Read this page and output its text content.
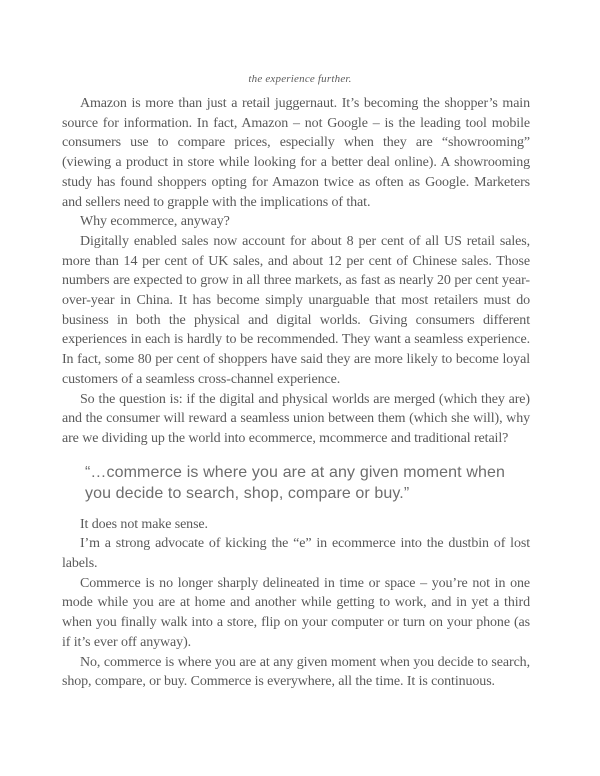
the experience further.

Amazon is more than just a retail juggernaut. It’s becoming the shopper’s main source for information. In fact, Amazon – not Google – is the leading tool mobile consumers use to compare prices, especially when they are “showrooming” (viewing a product in store while looking for a better deal online). A showrooming study has found shoppers opting for Amazon twice as often as Google. Marketers and sellers need to grapple with the implications of that.

Why ecommerce, anyway?

Digitally enabled sales now account for about 8 per cent of all US retail sales, more than 14 per cent of UK sales, and about 12 per cent of Chinese sales. Those numbers are expected to grow in all three markets, as fast as nearly 20 per cent year-over-year in China. It has become simply unarguable that most retailers must do business in both the physical and digital worlds. Giving consumers different experiences in each is hardly to be recommended. They want a seamless experience. In fact, some 80 per cent of shoppers have said they are more likely to become loyal customers of a seamless cross-channel experience.

So the question is: if the digital and physical worlds are merged (which they are) and the consumer will reward a seamless union between them (which she will), why are we dividing up the world into ecommerce, mcommerce and traditional retail?

“…commerce is where you are at any given moment when you decide to search, shop, compare or buy.”

It does not make sense.

I’m a strong advocate of kicking the “e” in ecommerce into the dustbin of lost labels.

Commerce is no longer sharply delineated in time or space – you’re not in one mode while you are at home and another while getting to work, and in yet a third when you finally walk into a store, flip on your computer or turn on your phone (as if it’s ever off anyway).

No, commerce is where you are at any given moment when you decide to search, shop, compare, or buy. Commerce is everywhere, all the time. It is continuous.
